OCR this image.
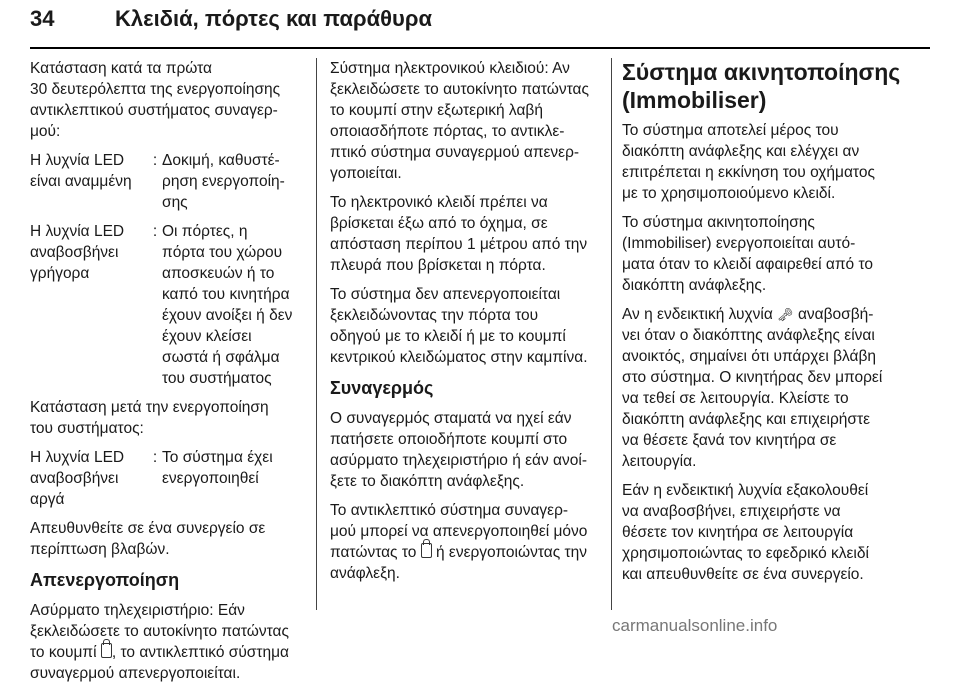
34	Κλειδιά, πόρτες και παράθυρα

Κατάσταση κατά τα πρώτα
30 δευτερόλεπτα της ενεργοποίησης
αντικλεπτικού συστήματος συναγερ-
μού:

Η λυχνία LED
είναι αναμμένη
: Δοκιμή, καθυστέ-
ρηση ενεργοποίη-
σης
Η λυχνία LED
αναβοσβήνει
γρήγορα
: Οι πόρτες, η
πόρτα του χώρου
αποσκευών ή το
καπό του κινητήρα
έχουν ανοίξει ή δεν
έχουν κλείσει
σωστά ή σφάλμα
του συστήματος

Κατάσταση μετά την ενεργοποίηση
του συστήματος:

Η λυχνία LED
αναβοσβήνει
αργά
: Το σύστημα έχει
ενεργοποιηθεί

Απευθυνθείτε σε ένα συνεργείο σε
περίπτωση βλαβών.

Απενεργοποίηση

Ασύρματο τηλεχειριστήριο: Εάν
ξεκλειδώσετε το αυτοκίνητο πατώντας
το κουμπί , το αντικλεπτικό σύστημα
συναγερμού απενεργοποιείται.

Σύστημα ηλεκτρονικού κλειδιού: Αν
ξεκλειδώσετε το αυτοκίνητο πατώντας
το κουμπί στην εξωτερική λαβή
οποιασδήποτε πόρτας, το αντικλε-
πτικό σύστημα συναγερμού απενερ-
γοποιείται.

Το ηλεκτρονικό κλειδί πρέπει να
βρίσκεται έξω από το όχημα, σε
απόσταση περίπου 1 μέτρου από την
πλευρά που βρίσκεται η πόρτα.

Το σύστημα δεν απενεργοποιείται
ξεκλειδώνοντας την πόρτα του
οδηγού με το κλειδί ή με το κουμπί
κεντρικού κλειδώματος στην καμπίνα.

Συναγερμός

Ο συναγερμός σταματά να ηχεί εάν
πατήσετε οποιοδήποτε κουμπί στο
ασύρματο τηλεχειριστήριο ή εάν ανοί-
ξετε το διακόπτη ανάφλεξης.

Το αντικλεπτικό σύστημα συναγερ-
μού μπορεί να απενεργοποιηθεί μόνο
πατώντας το  ή ενεργοποιώντας την
ανάφλεξη.

Σύστημα ακινητοποίησης
(Immobiliser)

Το σύστημα αποτελεί μέρος του
διακόπτη ανάφλεξης και ελέγχει αν
επιτρέπεται η εκκίνηση του οχήματος
με το χρησιμοποιούμενο κλειδί.

Το σύστημα ακινητοποίησης
(Immobiliser) ενεργοποιείται αυτό-
ματα όταν το κλειδί αφαιρεθεί από το
διακόπτη ανάφλεξης.

Αν η ενδεικτική λυχνία 🗝 αναβοσβή-
νει όταν ο διακόπτης ανάφλεξης είναι
ανοικτός, σημαίνει ότι υπάρχει βλάβη
στο σύστημα. Ο κινητήρας δεν μπορεί
να τεθεί σε λειτουργία. Κλείστε το
διακόπτη ανάφλεξης και επιχειρήστε
να θέσετε ξανά τον κινητήρα σε
λειτουργία.

Εάν η ενδεικτική λυχνία εξακολουθεί
να αναβοσβήνει, επιχειρήστε να
θέσετε τον κινητήρα σε λειτουργία
χρησιμοποιώντας το εφεδρικό κλειδί
και απευθυνθείτε σε ένα συνεργείο.

carmanualsonline.info
